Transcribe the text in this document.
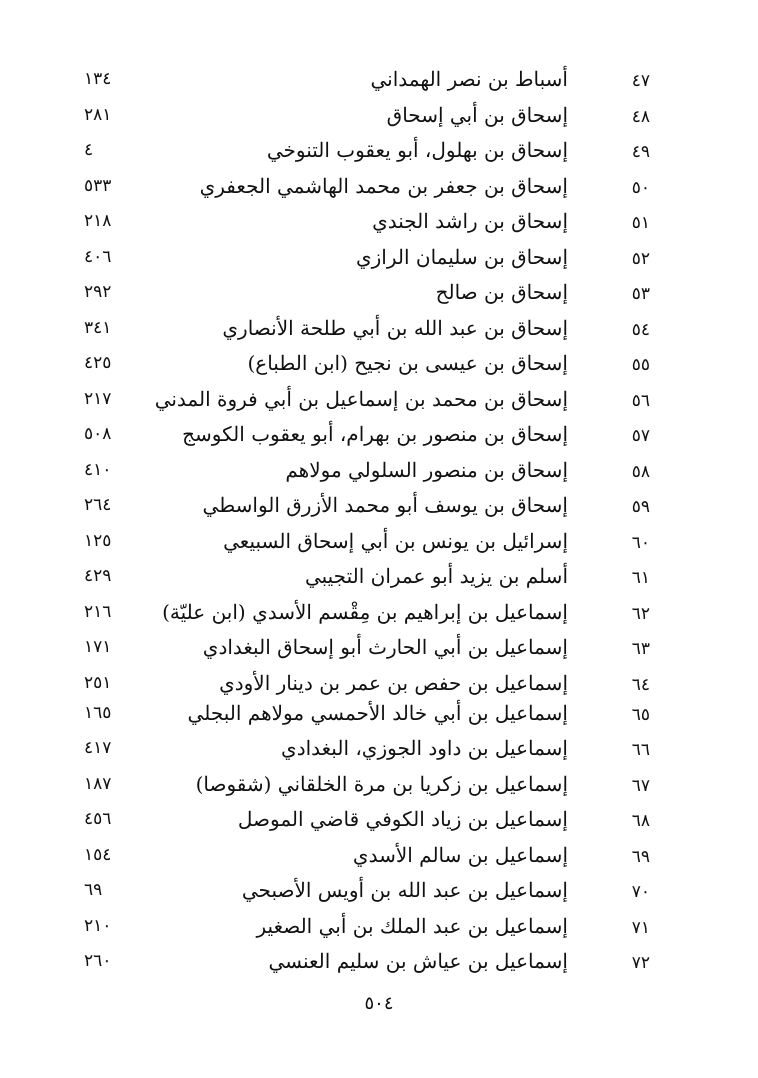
٤٧
أسباط بن نصر الهمداني
١٣٤
٤٨
إسحاق بن أبي إسحاق
٢٨١
٤٩
إسحاق بن بهلول، أبو يعقوب التنوخي
٤
٥٠
إسحاق بن جعفر بن محمد الهاشمي الجعفري
٥٣٣
٥١
إسحاق بن راشد الجندي
٢١٨
٥٢
إسحاق بن سليمان الرازي
٤٠٦
٥٣
إسحاق بن صالح
٢٩٢
٥٤
إسحاق بن عبد الله بن أبي طلحة الأنصاري
٣٤١
٥٥
إسحاق بن عيسى بن نجيح (ابن الطباع)
٤٢٥
٥٦
إسحاق بن محمد بن إسماعيل بن أبي فروة المدني
٢١٧
٥٧
إسحاق بن منصور بن بهرام، أبو يعقوب الكوسج
٥٠٨
٥٨
إسحاق بن منصور السلولي مولاهم
٤١٠
٥٩
إسحاق بن يوسف أبو محمد الأزرق الواسطي
٢٦٤
٦٠
إسرائيل بن يونس بن أبي إسحاق السبيعي
١٢٥
٦١
أسلم بن يزيد أبو عمران التجيبي
٤٢٩
٦٢
إسماعيل بن إبراهيم بن مِقْسم الأسدي (ابن عليّة)
٢١٦
٦٣
إسماعيل بن أبي الحارث أبو إسحاق البغدادي
١٧١
٦٤
إسماعيل بن حفص بن عمر بن دينار الأودي
٢٥١
٦٥
إسماعيل بن أبي خالد الأحمسي مولاهم البجلي
١٦٥
٦٦
إسماعيل بن داود الجوزي، البغدادي
٤١٧
٦٧
إسماعيل بن زكريا بن مرة الخلقاني (شقوصا)
١٨٧
٦٨
إسماعيل بن زياد الكوفي قاضي الموصل
٤٥٦
٦٩
إسماعيل بن سالم الأسدي
١٥٤
٧٠
إسماعيل بن عبد الله بن أويس الأصبحي
٦٩
٧١
إسماعيل بن عبد الملك بن أبي الصغير
٢١٠
٧٢
إسماعيل بن عياش بن سليم العنسي
٢٦٠
٥٠٤
